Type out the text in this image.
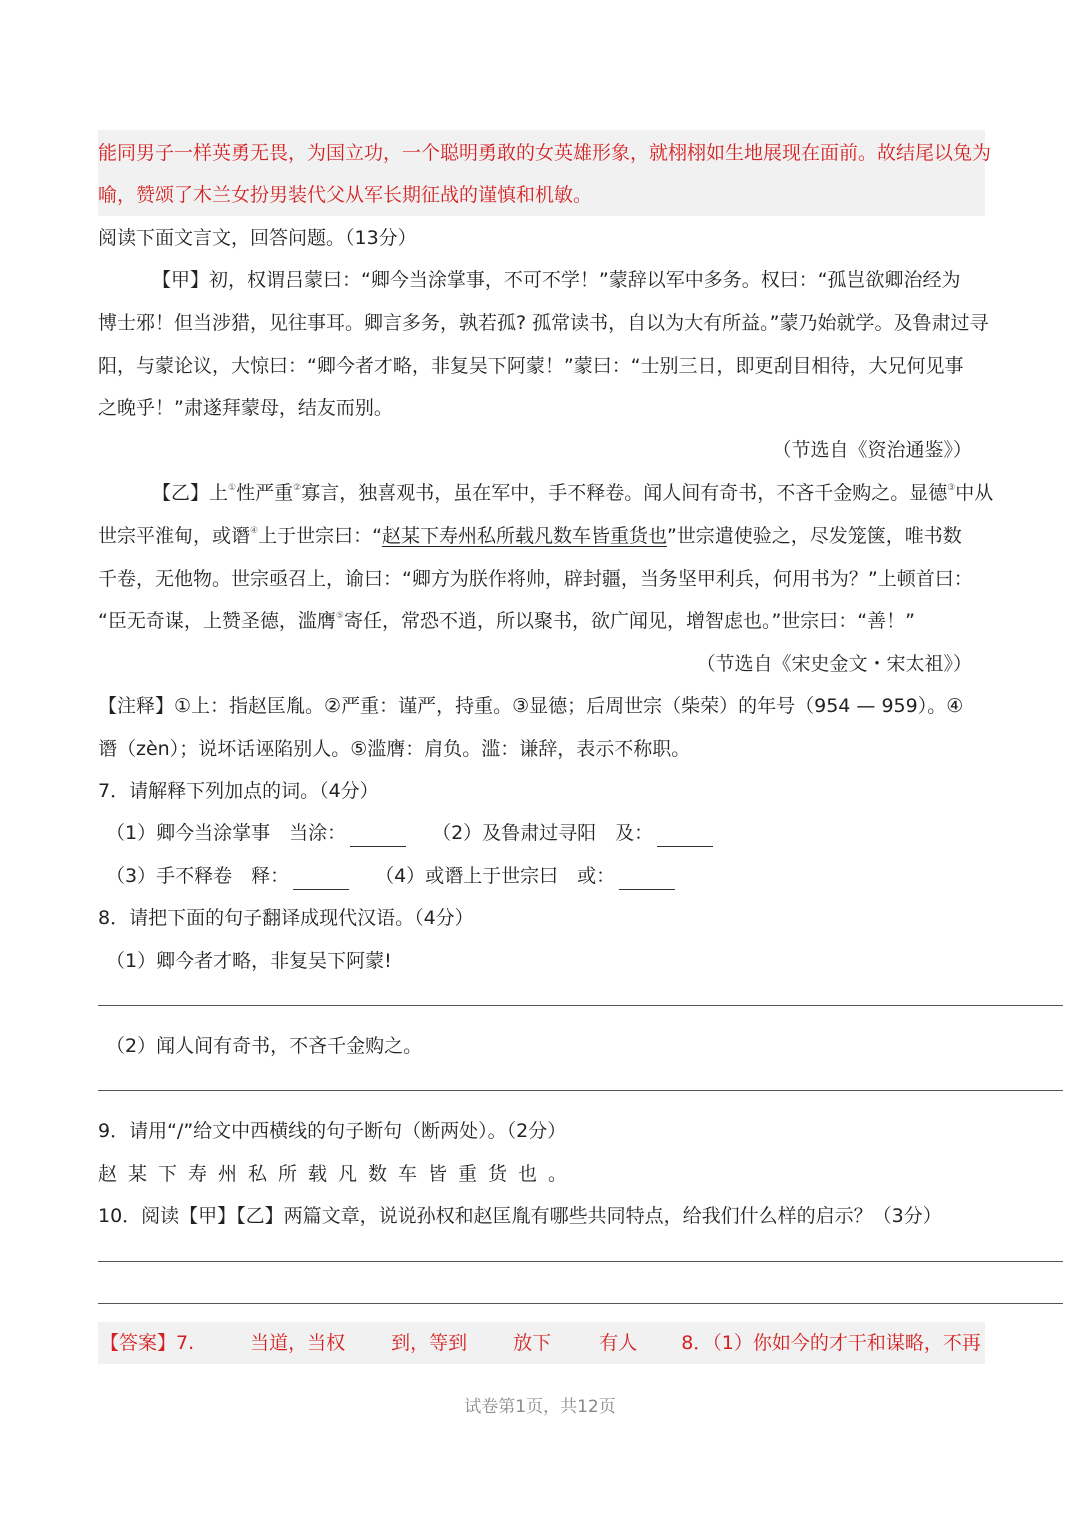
能同男子一样英勇无畏，为国立功，一个聪明勇敢的女英雄形象，就栩栩如生地展现在面前。故结尾以兔为
喻，赞颂了木兰女扮男装代父从军长期征战的谨慎和机敏。
阅读下面文言文，回答问题。（13分）
【甲】初，权谓吕蒙曰：“卿今当涂掌事，不可不学！”蒙辞以军中多务。权曰：“孤岂欲卿治经为
博士邪！但当涉猎，见往事耳。卿言多务，孰若孤? 孤常读书，自以为大有所益。”蒙乃始就学。及鲁肃过寻
阳，与蒙论议，大惊曰：“卿今者才略，非复吴下阿蒙！”蒙曰：“士别三日，即更刮目相待，大兄何见事
之晚乎！”肃遂拜蒙母，结友而别。
（节选自《资治通鉴》）
【乙】上①性严重②寡言，独喜观书，虽在军中，手不释卷。闻人间有奇书，不吝千金购之。显德③中从
世宗平淮甸，或谮④上于世宗曰：“赵某下寿州私所载凡数车皆重货也”世宗遣使验之，尽发笼箧，唯书数
千卷，无他物。世宗亟召上，谕曰：“卿方为朕作将帅，辟封疆，当务坚甲利兵，何用书为？”上顿首曰：
“臣无奇谋，上赞圣德，滥膺⑤寄任，常恐不逍，所以聚书，欲广闻见，增智虑也。”世宗曰：“善！”
（节选自《宋史金文・宋太祖》）
【注释】①上：指赵匡胤。②严重：谨严，持重。③显德；后周世宗（柴荣）的年号（954 — 959）。④
谮（zèn）；说坏话诬陷别人。⑤滥膺：肩负。滥：谦辞，表示不称职。
7．请解释下列加点的词。（4分）
（1）卿今当涂掌事　当涂：	（2）及鲁肃过寻阳　及：
（3）手不释卷　释：	（4）或谮上于世宗曰　或：
8．请把下面的句子翻译成现代汉语。（4分）
（1）卿今者才略，非复吴下阿蒙!
（2）闻人间有奇书，不吝千金购之。
9．请用“/”给文中西横线的句子断句（断两处）。（2分）
赵某下寿州私所载凡数车皆重货也。
10．阅读【甲】【乙】两篇文章，说说孙权和赵匡胤有哪些共同特点，给我们什么样的启示？（3分）
【答案】7.	当道，当权 到，等到 放下	有人 8．（1）你如今的才干和谋略，不再
试卷第1页，共12页
